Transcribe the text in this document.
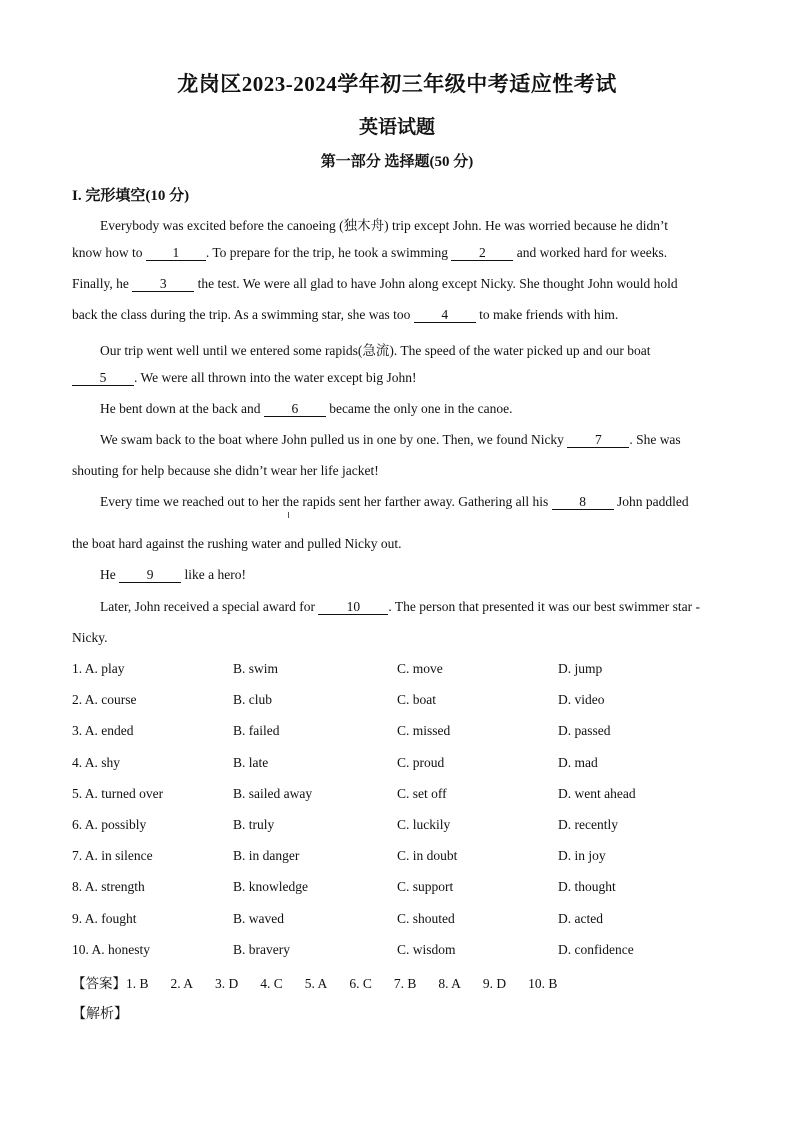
龙岗区2023-2024学年初三年级中考适应性考试
英语试题
第一部分 选择题(50 分)
I. 完形填空(10 分)
Everybody was excited before the canoeing (独木舟) trip except John. He was worried because he didn’t
know how to 1 . To prepare for the trip, he took a swimming 2 and worked hard for weeks.
Finally, he 3 the test. We were all glad to have John along except Nicky. She thought John would hold
back the class during the trip. As a swimming star, she was too 4 to make friends with him.
Our trip went well until we entered some rapids(急流). The speed of the water picked up and our boat
5 . We were all thrown into the water except big John!
He bent down at the back and 6 became the only one in the canoe.
We swam back to the boat where John pulled us in one by one. Then, we found Nicky 7 . She was
shouting for help because she didn’t wear her life jacket!
Every time we reached out to her the rapids sent her farther away. Gathering all his 8 John paddled
the boat hard against the rushing water and pulled Nicky out.
He 9 like a hero!
Later, John received a special award for 10 . The person that presented it was our best swimmer star -
Nicky.
1. A. play	B. swim	C. move	D. jump
2. A. course	B. club	C. boat	D. video
3. A. ended	B. failed	C. missed	D. passed
4. A. shy	B. late	C. proud	D. mad
5. A. turned over	B. sailed away	C. set off	D. went ahead
6. A. possibly	B. truly	C. luckily	D. recently
7. A. in silence	B. in danger	C. in doubt	D. in joy
8. A. strength	B. knowledge	C. support	D. thought
9. A. fought	B. waved	C. shouted	D. acted
10. A. honesty	B. bravery	C. wisdom	D. confidence
【答案】1. B 2. A 3. D 4. C 5. A 6. C 7. B 8. A 9. D 10. B
【解析】
